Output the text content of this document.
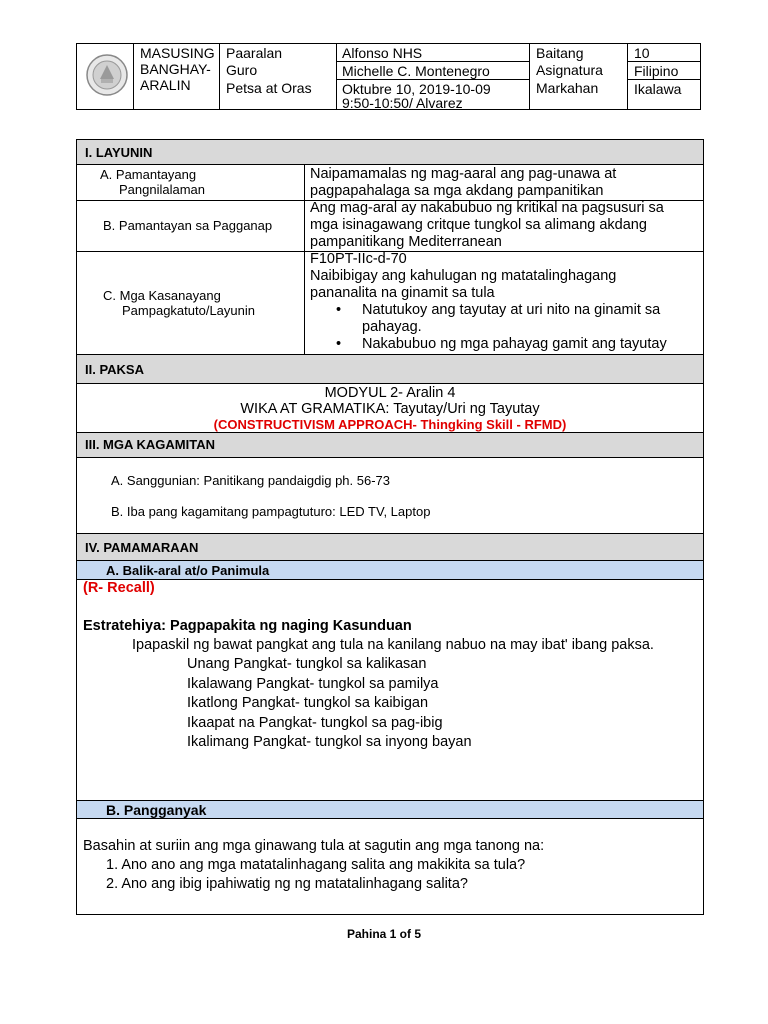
MASUSING
BANGHAY-
ARALIN
Paaralan
Guro
Petsa at Oras
Alfonso NHS
Michelle C. Montenegro
Oktubre 10, 2019-10-09
9:50-10:50/ Alvarez
Baitang
Asignatura
Markahan
10
Filipino
Ikalawa
I. LAYUNIN
A. Pamantayang
Pangnilalaman
Naipamamalas ng mag-aaral ang pag-unawa at
pagpapahalaga sa mga akdang pampanitikan
B. Pamantayan sa Pagganap
Ang mag-aral ay nakabubuo ng kritikal na pagsusuri sa
mga isinagawang critque tungkol sa alimang akdang
pampanitikang Mediterranean
C. Mga Kasanayang
Pampagkatuto/Layunin
F10PT-IIc-d-70
Naibibigay ang kahulugan ng matatalinghagang
pananalita na ginamit sa tula
• Natutukoy ang tayutay at uri nito na ginamit sa
pahayag.
• Nakabubuo ng mga pahayag gamit ang tayutay
II. PAKSA
MODYUL 2- Aralin 4
WIKA AT GRAMATIKA: Tayutay/Uri ng Tayutay
(CONSTRUCTIVISM APPROACH- Thingking Skill - RFMD)
III. MGA KAGAMITAN
A. Sanggunian: Panitikang pandaigdig ph. 56-73
B. Iba pang kagamitang pampagtuturo: LED TV, Laptop
IV. PAMAMARAAN
A. Balik-aral at/o Panimula
(R- Recall)
Estratehiya: Pagpapakita ng naging Kasunduan
Ipapaskil ng bawat pangkat ang tula na kanilang nabuo na may ibat' ibang paksa.
Unang Pangkat- tungkol sa kalikasan
Ikalawang Pangkat- tungkol sa pamilya
Ikatlong Pangkat- tungkol sa kaibigan
Ikaapat na Pangkat- tungkol sa pag-ibig
Ikalimang Pangkat- tungkol sa inyong bayan
B. Pangganyak
Basahin at suriin ang mga ginawang tula at sagutin ang mga tanong na:
1. Ano ano ang mga matatalinhagang salita ang makikita sa tula?
2. Ano ang ibig ipahiwatig ng ng matatalinhagang salita?
Pahina 1 of 5
